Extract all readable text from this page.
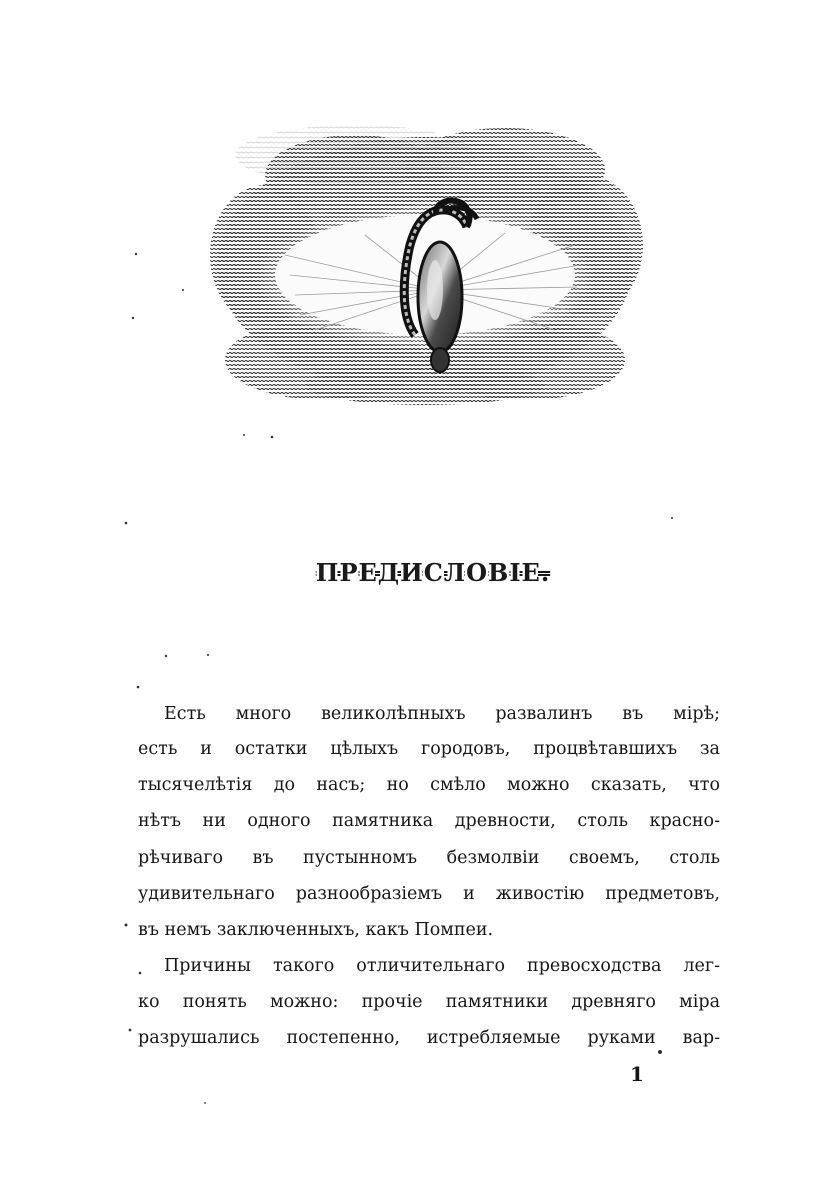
ПРЕДИСЛОВІЕ.
Есть много великолѣпныхъ развалинъ въ мірѣ;
есть и остатки цѣлыхъ городовъ, процвѣтавшихъ за
тысячелѣтія до насъ; но смѣло можно сказать, что
нѣтъ ни одного памятника древности, столь красно-
рѣчиваго въ пустынномъ безмолвіи своемъ, столь
удивительнаго разнообразіемъ и живостію предметовъ,
въ немъ заключенныхъ, какъ Помпеи.
Причины такого отличительнаго превосходства лег-
ко понять можно: прочіе памятники древняго міра
разрушались постепенно, истребляемые руками вар-
1
